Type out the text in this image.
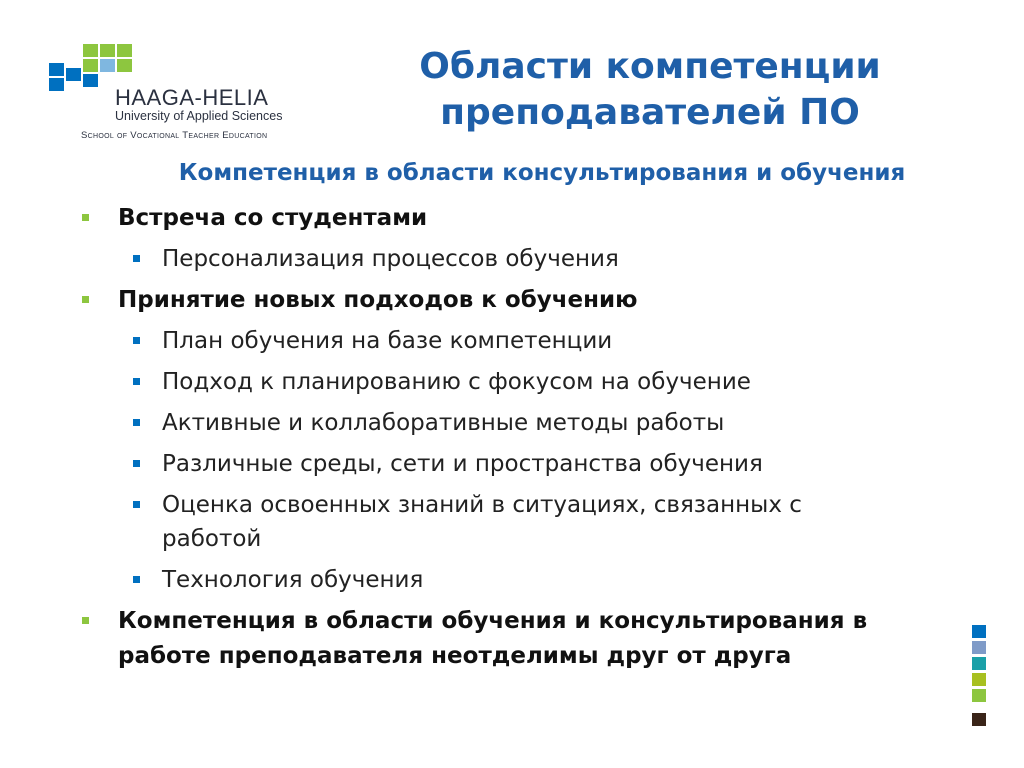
HAAGA-HELIA
University of Applied Sciences
School of Vocational Teacher Education
Области компетенции
преподавателей ПО
Компетенция в области консультирования и обучения
Встреча со студентами
Персонализация процессов обучения
Принятие новых подходов к обучению
План обучения на базе компетенции
Подход к планированию с фокусом на обучение
Активные и коллаборативные методы работы
Различные среды, сети и пространства обучения
Оценка освоенных знаний в ситуациях, связанных с
работой
Технология обучения
Компетенция в области обучения и консультирования в
работе преподавателя неотделимы друг от друга
